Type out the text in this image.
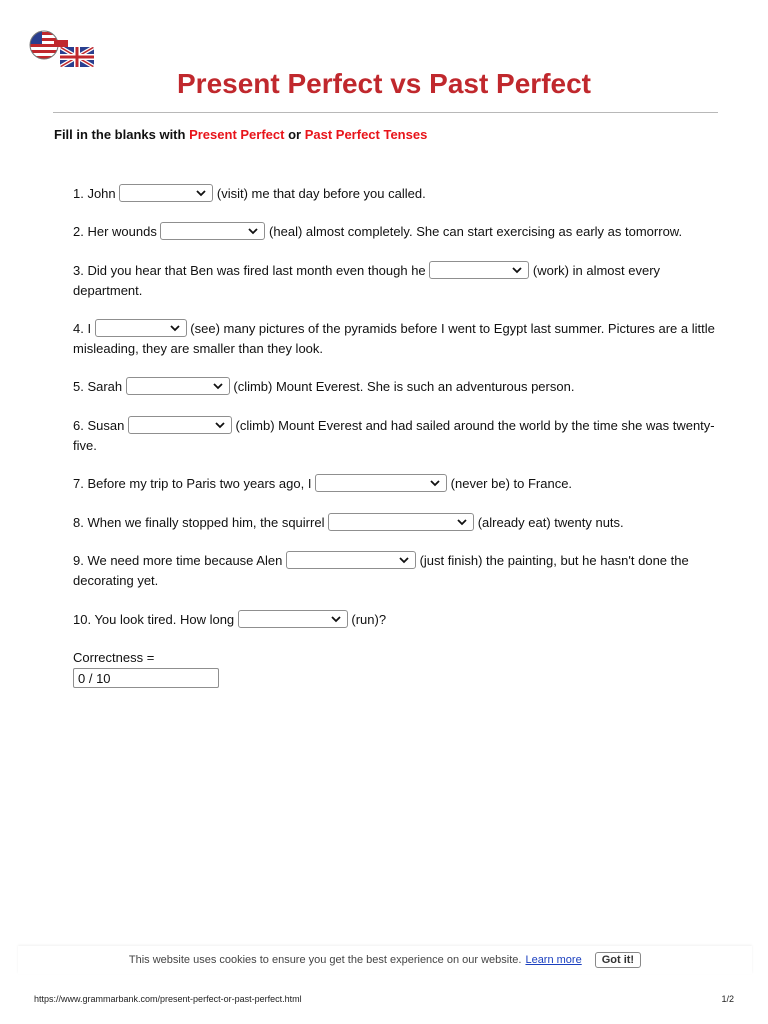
Present Perfect vs Past Perfect
Fill in the blanks with Present Perfect or Past Perfect Tenses
1. John	(visit) me that day before you called.
2. Her wounds	(heal) almost completely. She can start exercising as early as tomorrow.
3. Did you hear that Ben was fired last month even though he	(work) in almost every department.
4. I	(see) many pictures of the pyramids before I went to Egypt last summer. Pictures are a little misleading, they are smaller than they look.
5. Sarah	(climb) Mount Everest. She is such an adventurous person.
6. Susan	(climb) Mount Everest and had sailed around the world by the time she was twenty-five.
7. Before my trip to Paris two years ago, I	(never be) to France.
8. When we finally stopped him, the squirrel	(already eat) twenty nuts.
9. We need more time because Alen	(just finish) the painting, but he hasn't done the decorating yet.
10. You look tired. How long	(run)?
Correctness =
0 / 10
This website uses cookies to ensure you get the best experience on our website. Learn more	Got it!
https://www.grammarbank.com/present-perfect-or-past-perfect.html	1/2
